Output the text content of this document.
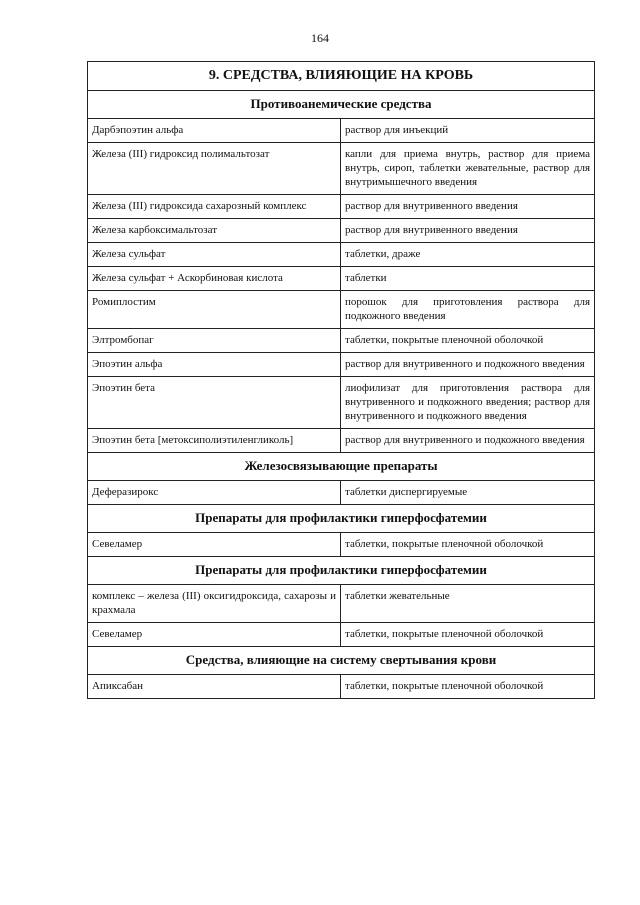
164
9. СРЕДСТВА, ВЛИЯЮЩИЕ НА КРОВЬ	
Противоанемические средства	
Дарбэпоэтин альфа	раствор для инъекций
Железа (III) гидроксид полимальтозат	капли для приема внутрь, раствор для приема внутрь, сироп, таблетки жевательные, раствор для внутримышечного введения
Железа (III) гидроксида сахарозный комплекс	раствор для внутривенного введения
Железа карбоксимальтозат	раствор для внутривенного введения
Железа сульфат	таблетки, драже
Железа сульфат + Аскорбиновая кислота	таблетки
Ромиплостим	порошок для приготовления раствора для подкожного введения
Элтромбопаг	таблетки, покрытые пленочной оболочкой
Эпоэтин альфа	раствор для внутривенного и подкожного введения
Эпоэтин бета	лиофилизат для приготовления раствора для внутривенного и подкожного введения; раствор для внутривенного и подкожного введения
Эпоэтин бета [метоксиполиэтиленгликоль]	раствор для внутривенного и подкожного введения
Железосвязывающие препараты	
Деферазирокс	таблетки диспергируемые
Препараты для профилактики гиперфосфатемии	
Севеламер	таблетки, покрытые пленочной оболочкой
Препараты для профилактики гиперфосфатемии	
комплекс – железа (III) оксигидроксида, сахарозы и крахмала	таблетки жевательные
Севеламер	таблетки, покрытые пленочной оболочкой
Средства, влияющие на систему свертывания крови	
Апиксабан	таблетки, покрытые пленочной оболочкой
